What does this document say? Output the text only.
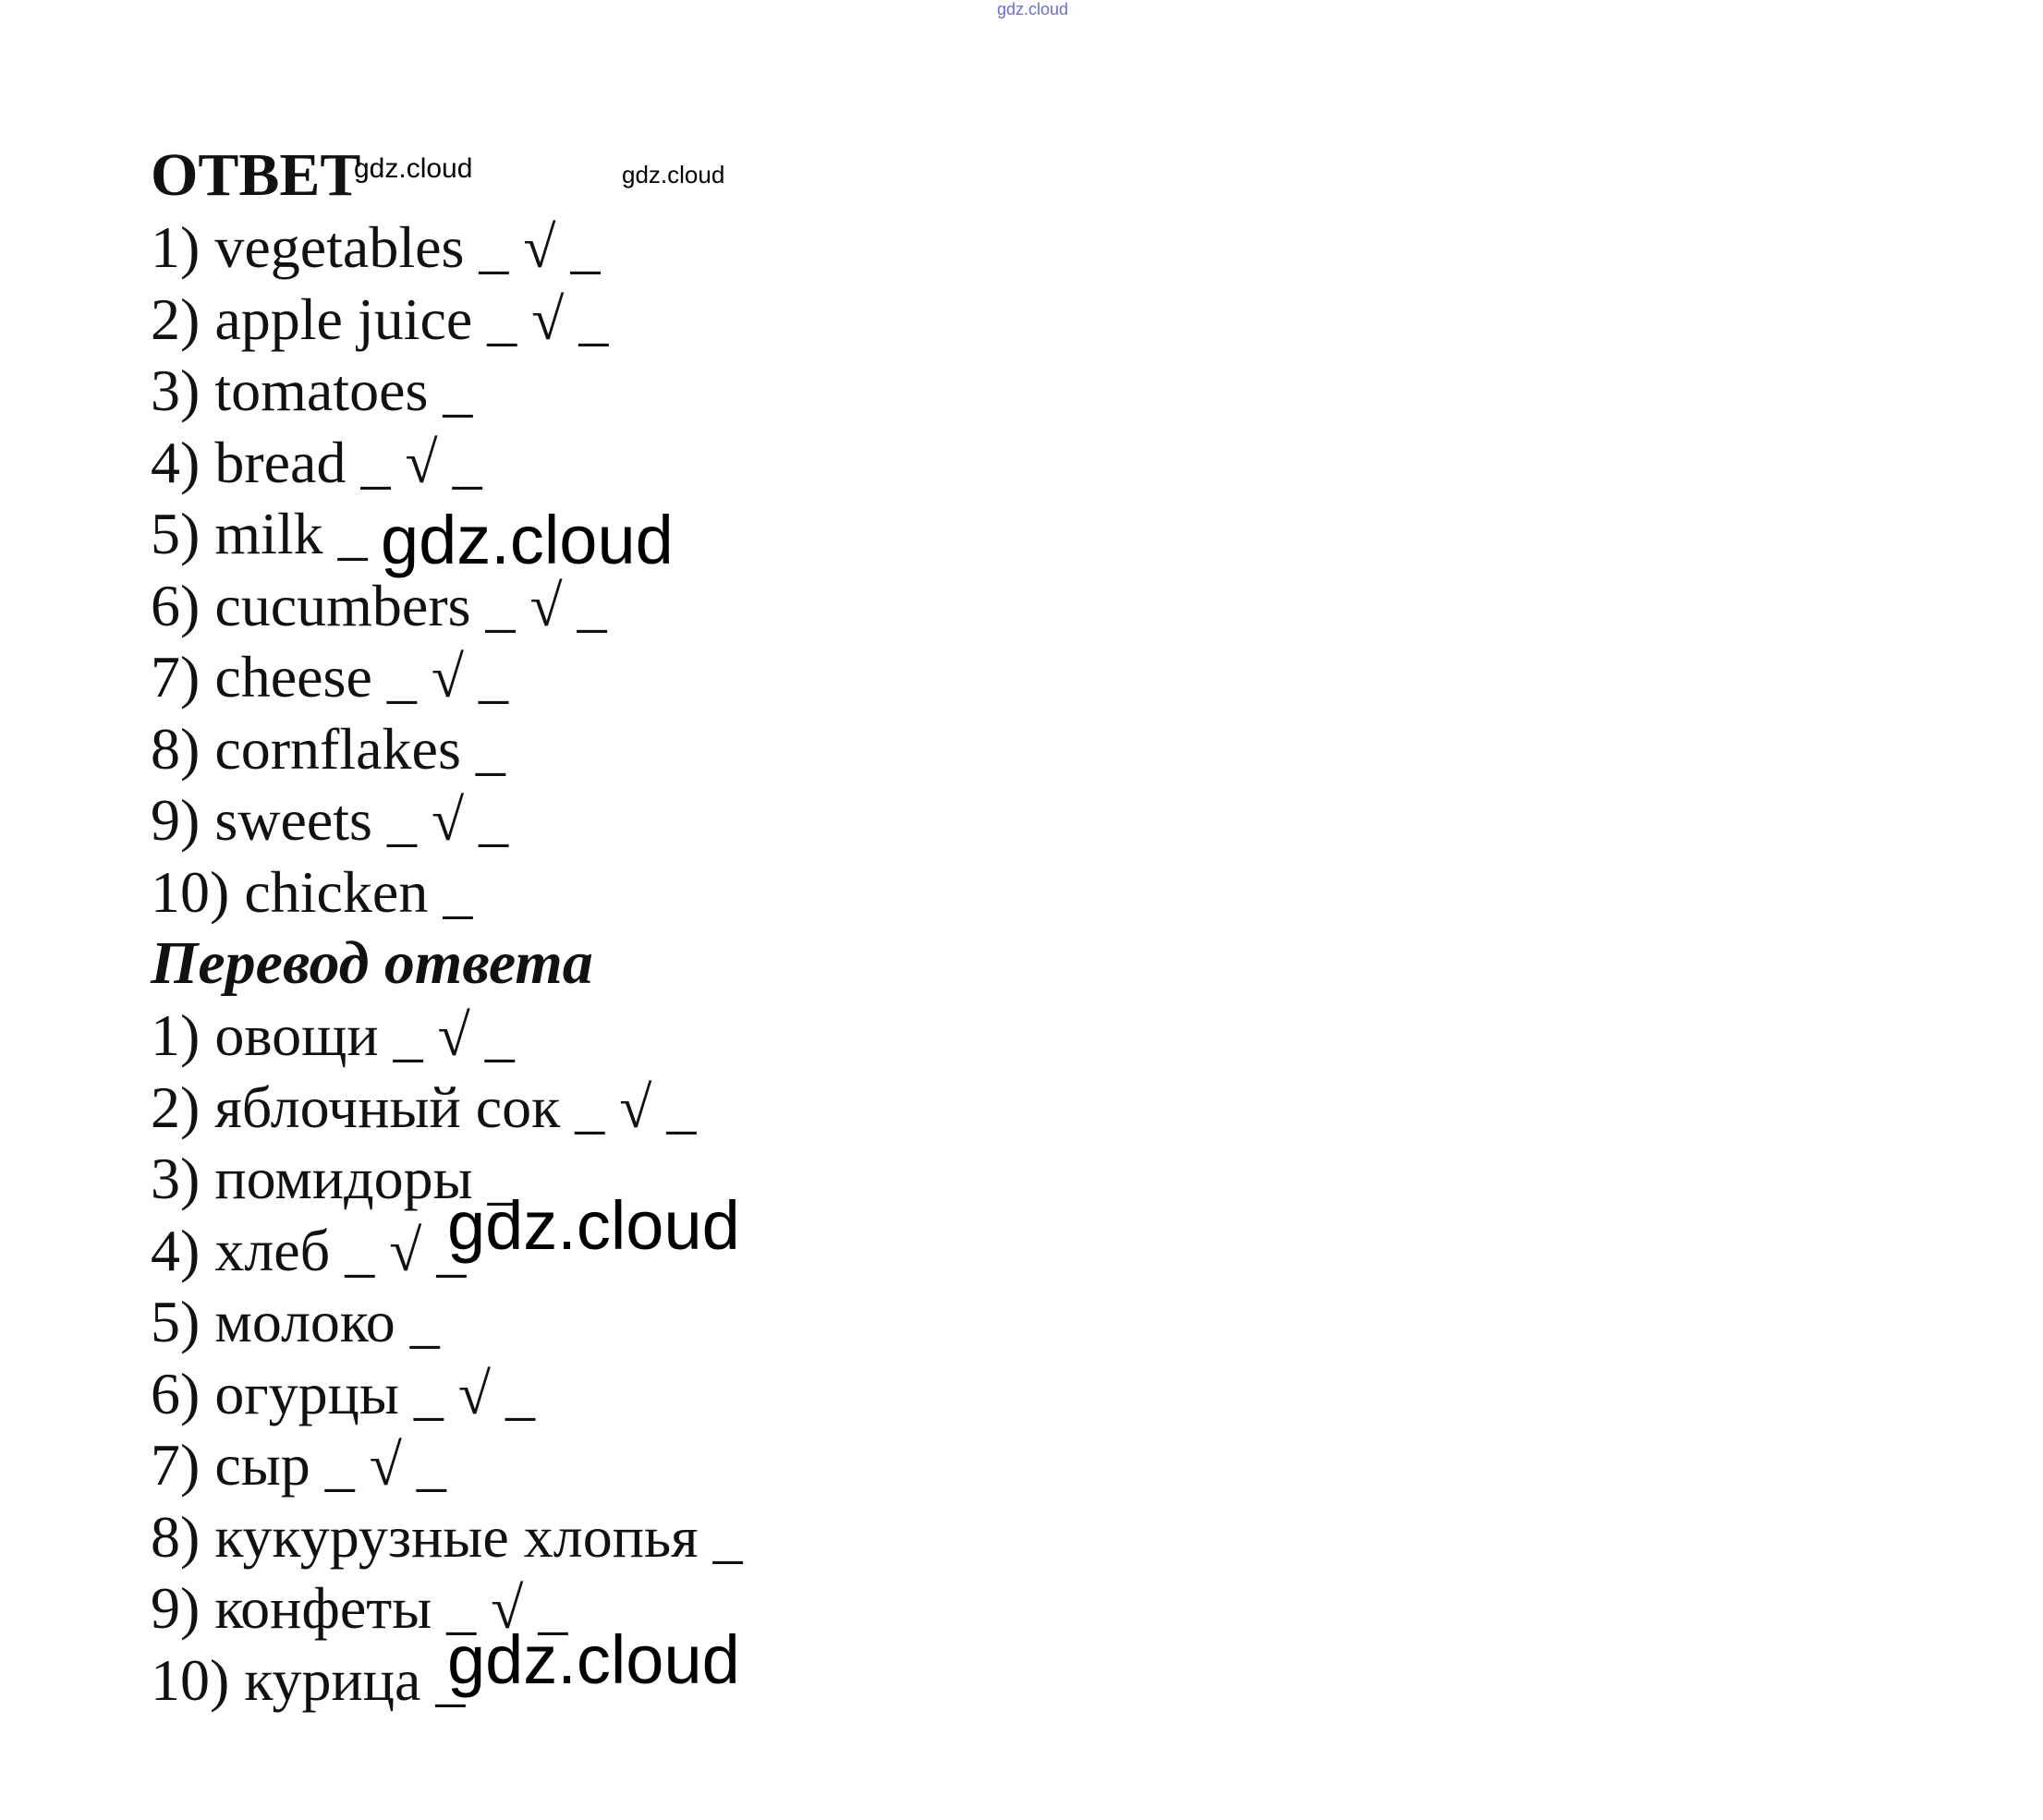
gdz.cloud
ОТВЕТ
1) vegetables _ √ _
2) apple juice _ √ _
3) tomatoes _
4) bread _ √ _
5) milk _
6) cucumbers _ √ _
7) cheese _ √ _
8) cornflakes _
9) sweets _ √ _
10) chicken _
Перевод ответа
1) овощи _ √ _
2) яблочный сок _ √ _
3) помидоры _
4) хлеб _ √ _
5) молоко _
6) огурцы _ √ _
7) сыр _ √ _
8) кукурузные хлопья _
9) конфеты _ √ _
10) курица _
gdz.cloud	gdz.cloud
gdz.cloud
gdz.cloud
gdz.cloud
